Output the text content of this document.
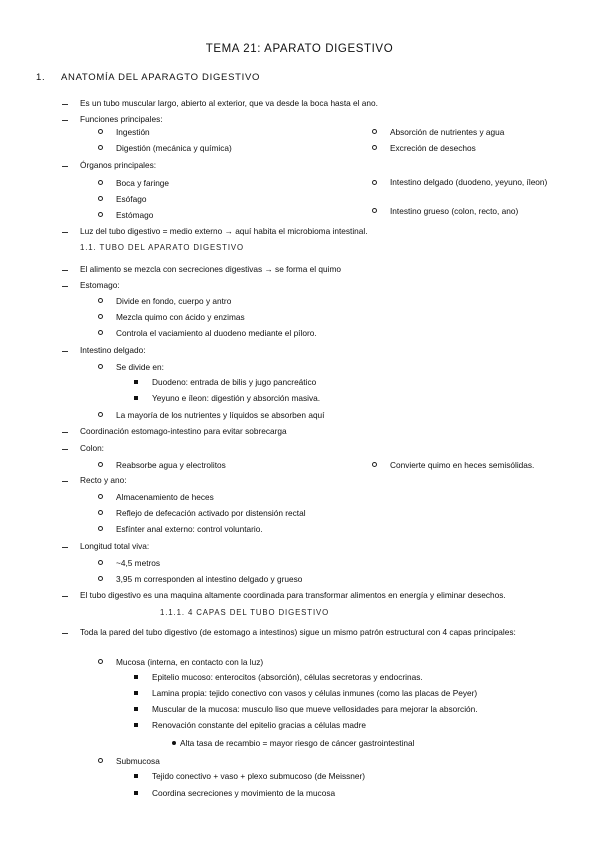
TEMA 21: APARATO DIGESTIVO
1. ANATOMÍA DEL APARAGTO DIGESTIVO
Es un tubo muscular largo, abierto al exterior, que va desde la boca hasta el ano.
Funciones principales:
Ingestión
Digestión (mecánica y química)
Absorción de nutrientes y agua
Excreción de desechos
Órganos principales:
Boca y faringe
Esófago
Estómago
Intestino delgado (duodeno, yeyuno, íleon)
Intestino grueso (colon, recto, ano)
Luz del tubo digestivo = medio externo → aquí habita el microbioma intestinal.
1.1. TUBO DEL APARATO DIGESTIVO
El alimento se mezcla con secreciones digestivas → se forma el quimo
Estomago:
Divide en fondo, cuerpo y antro
Mezcla quimo con ácido y enzimas
Controla el vaciamiento al duodeno mediante el píloro.
Intestino delgado:
Se divide en:
Duodeno: entrada de bilis y jugo pancreático
Yeyuno e íleon: digestión y absorción masiva.
La mayoría de los nutrientes y líquidos se absorben aquí
Coordinación estomago-intestino para evitar sobrecarga
Colon:
Reabsorbe agua y electrolitos	Convierte quimo en heces semisólidas.
Recto y ano:
Almacenamiento de heces
Reflejo de defecación activado por distensión rectal
Esfínter anal externo: control voluntario.
Longitud total viva:
~4,5 metros
3,95 m corresponden al intestino delgado y grueso
El tubo digestivo es una maquina altamente coordinada para transformar alimentos en energía y eliminar desechos.
1.1.1. 4 CAPAS DEL TUBO DIGESTIVO
Toda la pared del tubo digestivo (de estomago a intestinos) sigue un mismo patrón estructural con 4 capas principales:
Mucosa (interna, en contacto con la luz)
Epitelio mucoso: enterocitos (absorción), células secretoras y endocrinas.
Lamina propia: tejido conectivo con vasos y células inmunes (como las placas de Peyer)
Muscular de la mucosa: musculo liso que mueve vellosidades para mejorar la absorción.
Renovación constante del epitelio gracias a células madre
Alta tasa de recambio = mayor riesgo de cáncer gastrointestinal
Submucosa
Tejido conectivo + vaso + plexo submucoso (de Meissner)
Coordina secreciones y movimiento de la mucosa
